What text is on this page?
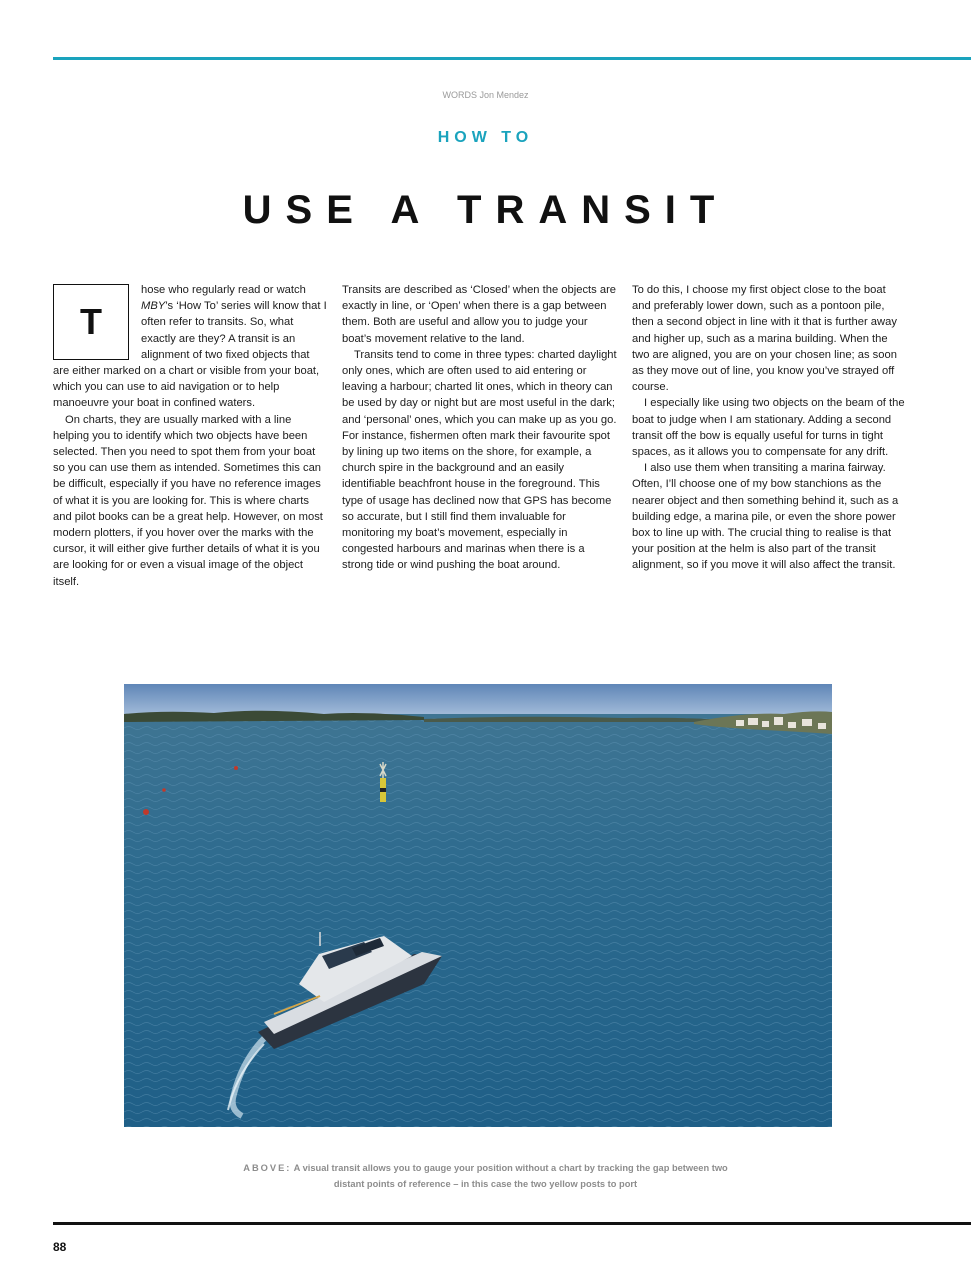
WORDS Jon Mendez
HOW TO
USE A TRANSIT
T

hose who regularly read or watch MBY’s ‘How To’ series will know that I often refer to transits. So, what exactly are they? A transit is an alignment of two fixed objects that are either marked on a chart or visible from your boat, which you can use to aid navigation or to help manoeuvre your boat in confined waters.

On charts, they are usually marked with a line helping you to identify which two objects have been selected. Then you need to spot them from your boat so you can use them as intended. Sometimes this can be difficult, especially if you have no reference images of what it is you are looking for. This is where charts and pilot books can be a great help. However, on most modern plotters, if you hover over the marks with the cursor, it will either give further details of what it is you are looking for or even a visual image of the object itself.

Transits are described as ‘Closed’ when the objects are exactly in line, or ‘Open’ when there is a gap between them. Both are useful and allow you to judge your boat’s movement relative to the land.

Transits tend to come in three types: charted daylight only ones, which are often used to aid entering or leaving a harbour; charted lit ones, which in theory can be used by day or night but are most useful in the dark; and ‘personal’ ones, which you can make up as you go. For instance, fishermen often mark their favourite spot by lining up two items on the shore, for example, a church spire in the background and an easily identifiable beachfront house in the foreground. This type of usage has declined now that GPS has become so accurate, but I still find them invaluable for monitoring my boat’s movement, especially in congested harbours and marinas when there is a strong tide or wind pushing the boat around.

To do this, I choose my first object close to the boat and preferably lower down, such as a pontoon pile, then a second object in line with it that is further away and higher up, such as a marina building. When the two are aligned, you are on your chosen line; as soon as they move out of line, you know you’ve strayed off course.

I especially like using two objects on the beam of the boat to judge when I am stationary. Adding a second transit off the bow is equally useful for turns in tight spaces, as it allows you to compensate for any drift.

I also use them when transiting a marina fairway. Often, I’ll choose one of my bow stanchions as the nearer object and then something behind it, such as a building edge, a marina pile, or even the shore power box to line up with. The crucial thing to realise is that your position at the helm is also part of the transit alignment, so if you move it will also affect the transit.

ABOVE: A visual transit allows you to gauge your position without a chart by tracking the gap between two distant points of reference – in this case the two yellow posts to port
88
